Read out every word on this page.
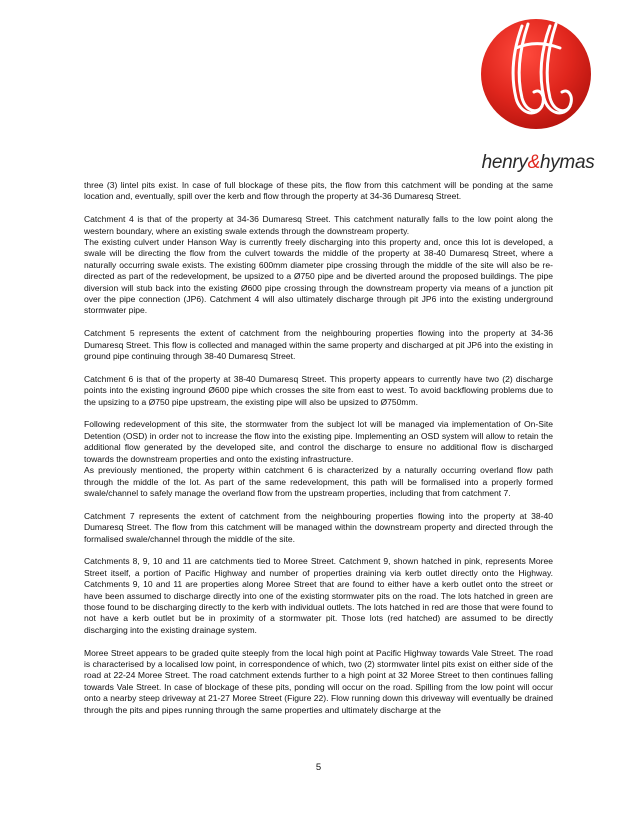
henry&hymas

three (3) lintel pits exist. In case of full blockage of these pits, the flow from this catchment will be ponding at the same location and, eventually, spill over the kerb and flow through the property at 34-36 Dumaresq Street.

Catchment 4 is that of the property at 34-36 Dumaresq Street. This catchment naturally falls to the low point along the western boundary, where an existing swale extends through the downstream property.

The existing culvert under Hanson Way is currently freely discharging into this property and, once this lot is developed, a swale will be directing the flow from the culvert towards the middle of the property at 38-40 Dumaresq Street, where a naturally occurring swale exists. The existing 600mm diameter pipe crossing through the middle of the site will also be re-directed as part of the redevelopment, be upsized to a Ø750 pipe and be diverted around the proposed buildings. The pipe diversion will stub back into the existing Ø600 pipe crossing through the downstream property via means of a junction pit over the pipe connection (JP6). Catchment 4 will also ultimately discharge through pit JP6 into the existing underground stormwater pipe.

Catchment 5 represents the extent of catchment from the neighbouring properties flowing into the property at 34-36 Dumaresq Street. This flow is collected and managed within the same property and discharged at pit JP6 into the existing in ground pipe continuing through 38-40 Dumaresq Street.

Catchment 6 is that of the property at 38-40 Dumaresq Street. This property appears to currently have two (2) discharge points into the existing inground Ø600 pipe which crosses the site from east to west. To avoid backflowing problems due to the upsizing to a Ø750 pipe upstream, the existing pipe will also be upsized to Ø750mm.

Following redevelopment of this site, the stormwater from the subject lot will be managed via implementation of On-Site Detention (OSD) in order not to increase the flow into the existing pipe. Implementing an OSD system will allow to retain the additional flow generated by the developed site, and control the discharge to ensure no additional flow is discharged towards the downstream properties and onto the existing infrastructure.

As previously mentioned, the property within catchment 6 is characterized by a naturally occurring overland flow path through the middle of the lot. As part of the same redevelopment, this path will be formalised into a properly formed swale/channel to safely manage the overland flow from the upstream properties, including that from catchment 7.

Catchment 7 represents the extent of catchment from the neighbouring properties flowing into the property at 38-40 Dumaresq Street. The flow from this catchment will be managed within the downstream property and directed through the formalised swale/channel through the middle of the site.

Catchments 8, 9, 10 and 11 are catchments tied to Moree Street. Catchment 9, shown hatched in pink, represents Moree Street itself, a portion of Pacific Highway and number of properties draining via kerb outlet directly onto the Highway. Catchments 9, 10 and 11 are properties along Moree Street that are found to either have a kerb outlet onto the street or have been assumed to discharge directly into one of the existing stormwater pits on the road. The lots hatched in green are those found to be discharging directly to the kerb with individual outlets. The lots hatched in red are those that were found to not have a kerb outlet but be in proximity of a stormwater pit. Those lots (red hatched) are assumed to be directly discharging into the existing drainage system.

Moree Street appears to be graded quite steeply from the local high point at Pacific Highway towards Vale Street. The road is characterised by a localised low point, in correspondence of which, two (2) stormwater lintel pits exist on either side of the road at 22-24 Moree Street. The road catchment extends further to a high point at 32 Moree Street to then continues falling towards Vale Street. In case of blockage of these pits, ponding will occur on the road. Spilling from the low point will occur onto a nearby steep driveway at 21-27 Moree Street (Figure 22). Flow running down this driveway will eventually be drained through the pits and pipes running through the same properties and ultimately discharge at the

5
